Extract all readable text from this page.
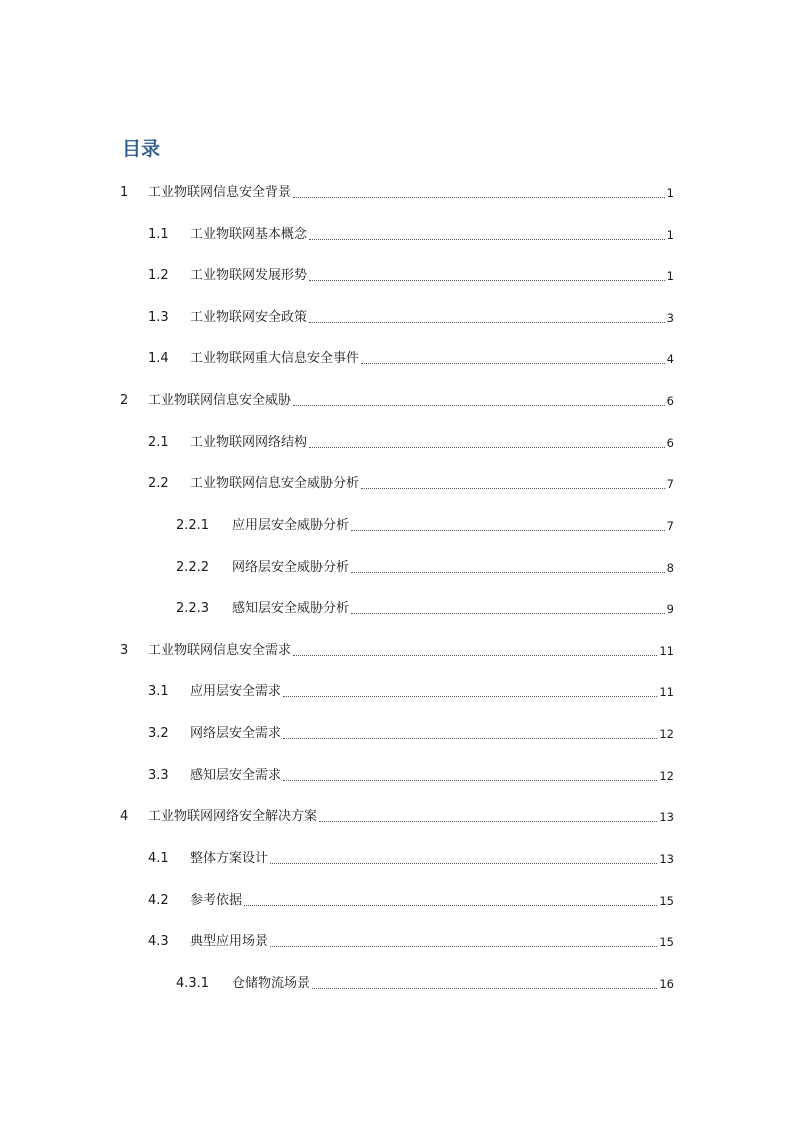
目录
1	工业物联网信息安全背景	1
1.1	工业物联网基本概念	1
1.2	工业物联网发展形势	1
1.3	工业物联网安全政策	3
1.4	工业物联网重大信息安全事件	4
2	工业物联网信息安全威胁	6
2.1	工业物联网网络结构	6
2.2	工业物联网信息安全威胁分析	7
2.2.1	应用层安全威胁分析	7
2.2.2	网络层安全威胁分析	8
2.2.3	感知层安全威胁分析	9
3	工业物联网信息安全需求	11
3.1	应用层安全需求	11
3.2	网络层安全需求	12
3.3	感知层安全需求	12
4	工业物联网网络安全解决方案	13
4.1	整体方案设计	13
4.2	参考依据	15
4.3	典型应用场景	15
4.3.1	仓储物流场景	16
